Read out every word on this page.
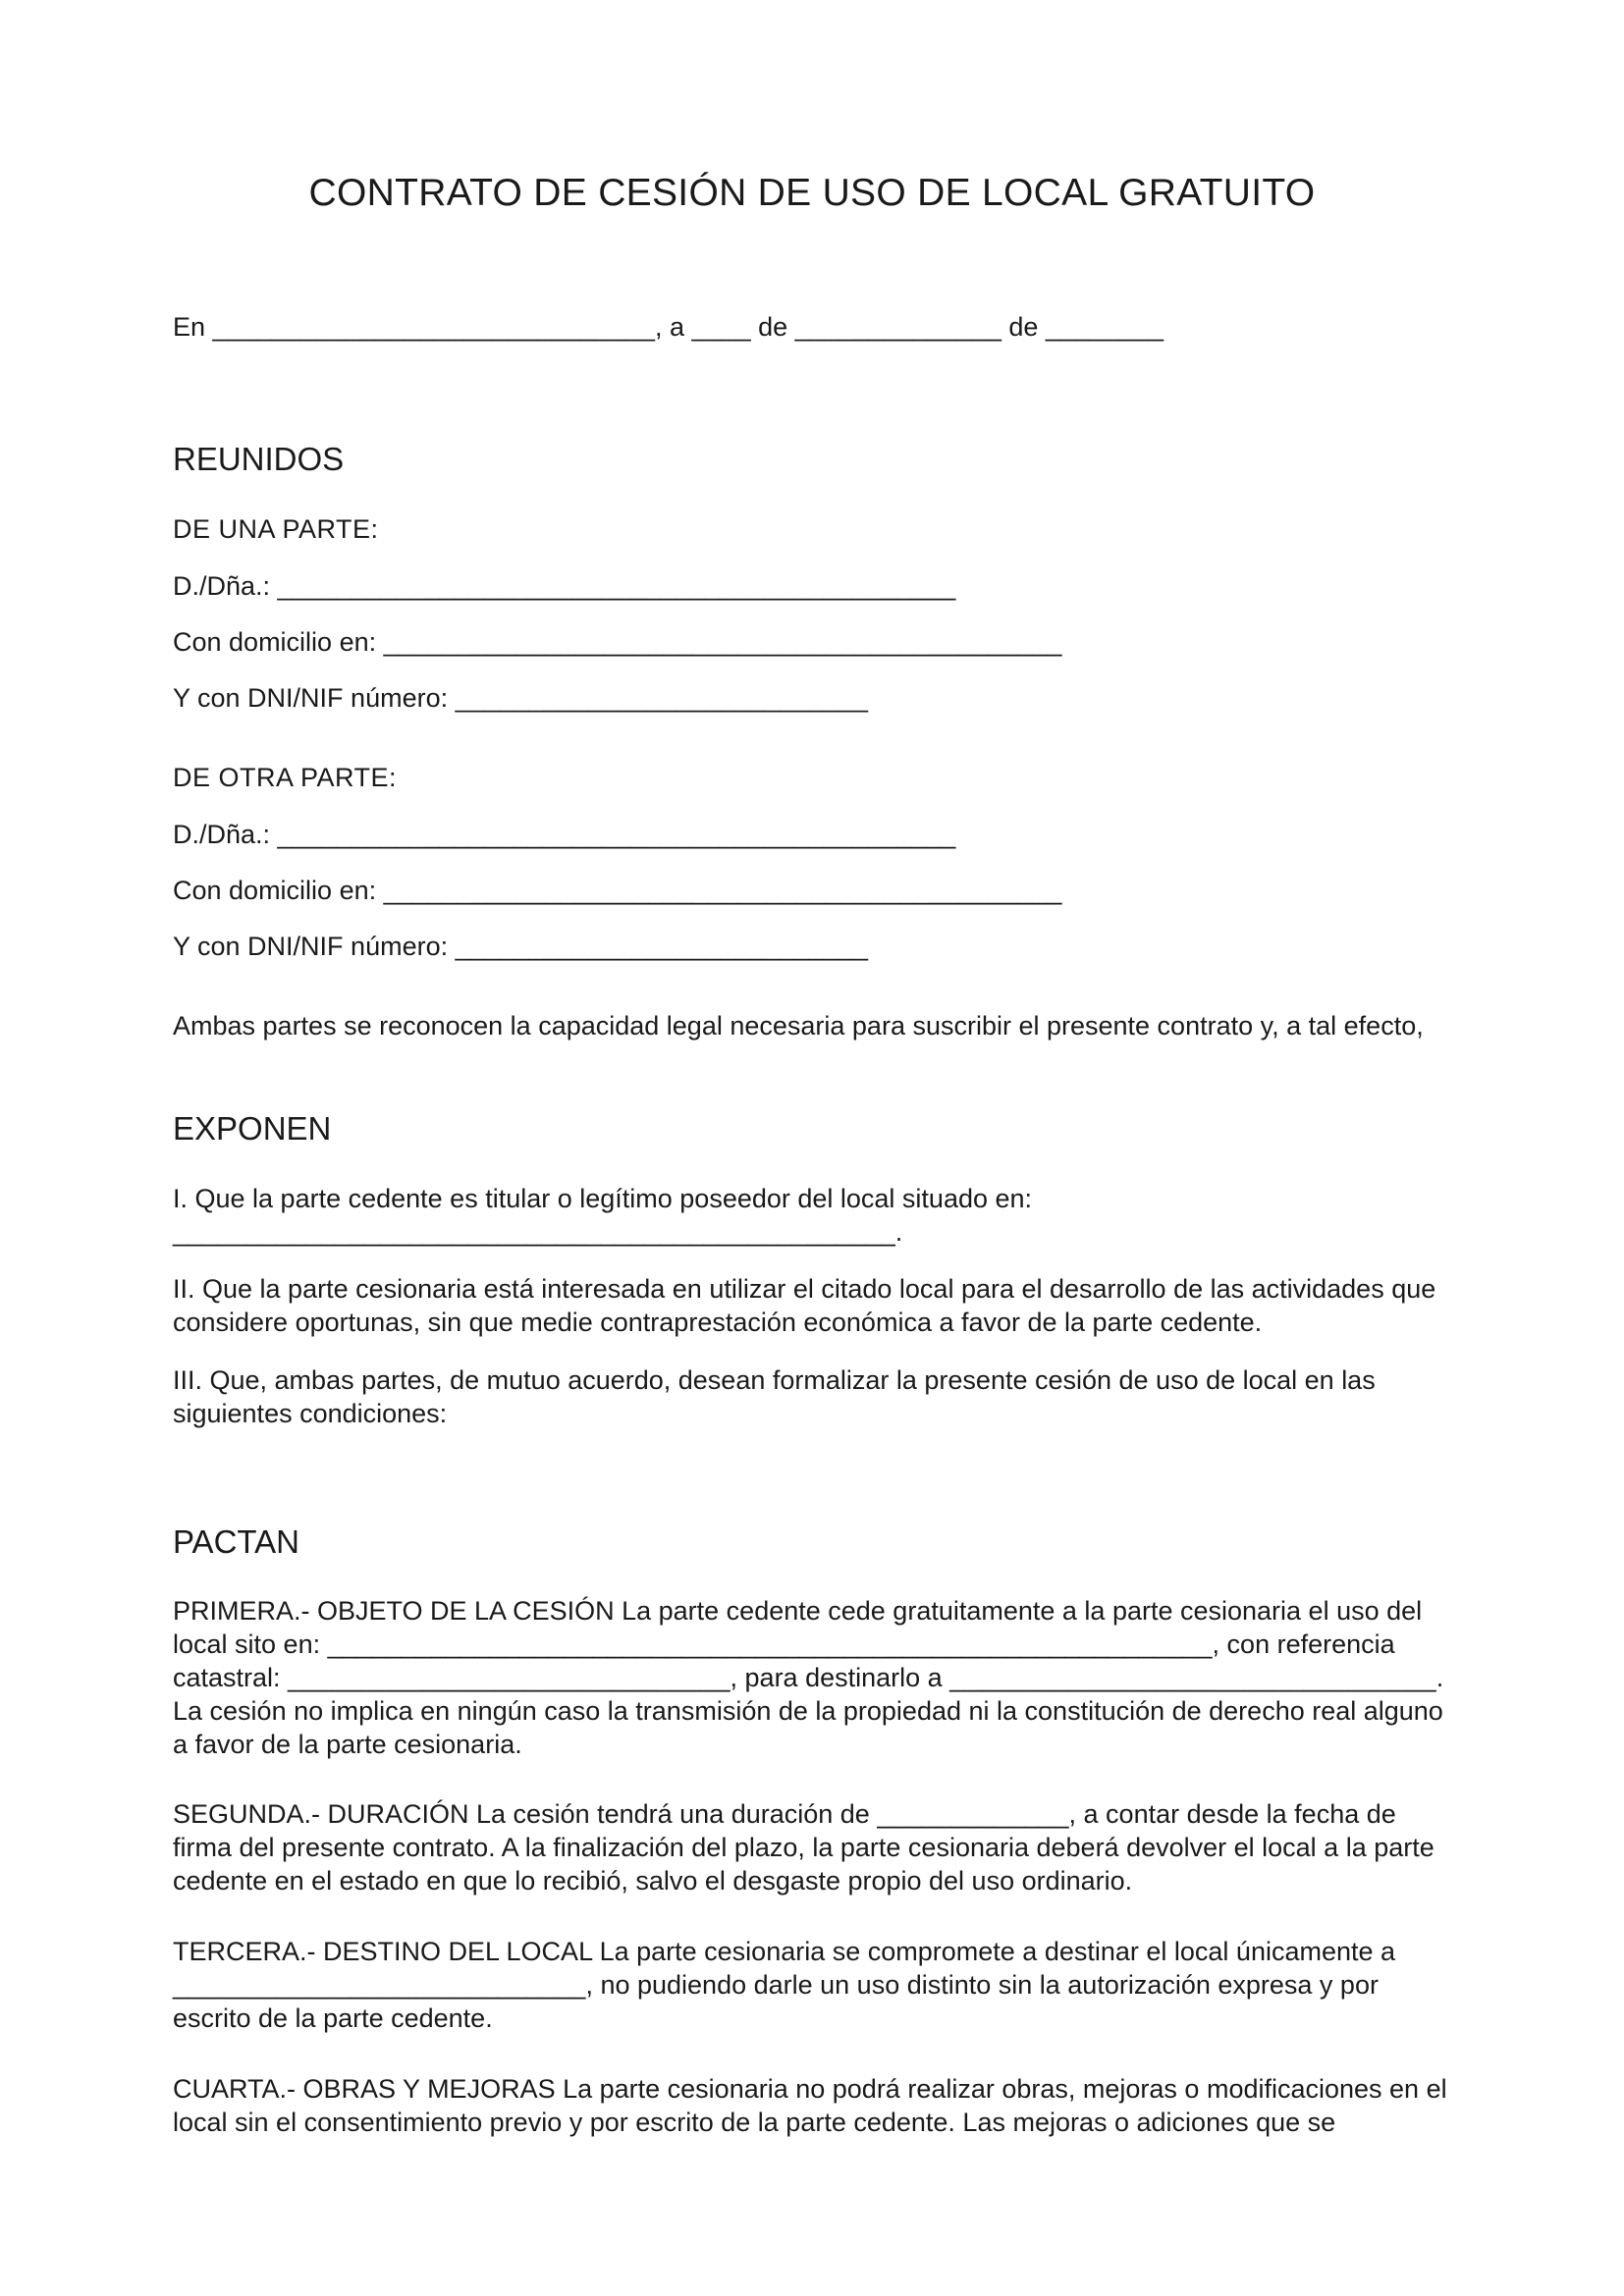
CONTRATO DE CESIÓN DE USO DE LOCAL GRATUITO

En ______________________________, a ____ de ______________ de ________

REUNIDOS

DE UNA PARTE:

D./Dña.: ______________________________________________

Con domicilio en: ______________________________________________

Y con DNI/NIF número: ____________________________

DE OTRA PARTE:

D./Dña.: ______________________________________________

Con domicilio en: ______________________________________________

Y con DNI/NIF número: ____________________________

Ambas partes se reconocen la capacidad legal necesaria para suscribir el presente contrato y, a tal efecto,

EXPONEN

I. Que la parte cedente es titular o legítimo poseedor del local situado en: _________________________________________________.

II. Que la parte cesionaria está interesada en utilizar el citado local para el desarrollo de las actividades que considere oportunas, sin que medie contraprestación económica a favor de la parte cedente.

III. Que, ambas partes, de mutuo acuerdo, desean formalizar la presente cesión de uso de local en las siguientes condiciones:

PACTAN

PRIMERA.- OBJETO DE LA CESIÓN La parte cedente cede gratuitamente a la parte cesionaria el uso del local sito en: ____________________________________________________________, con referencia catastral: ______________________________, para destinarlo a _________________________________. La cesión no implica en ningún caso la transmisión de la propiedad ni la constitución de derecho real alguno a favor de la parte cesionaria.

SEGUNDA.- DURACIÓN La cesión tendrá una duración de _____________, a contar desde la fecha de firma del presente contrato. A la finalización del plazo, la parte cesionaria deberá devolver el local a la parte cedente en el estado en que lo recibió, salvo el desgaste propio del uso ordinario.

TERCERA.- DESTINO DEL LOCAL La parte cesionaria se compromete a destinar el local únicamente a ____________________________, no pudiendo darle un uso distinto sin la autorización expresa y por escrito de la parte cedente.

CUARTA.- OBRAS Y MEJORAS La parte cesionaria no podrá realizar obras, mejoras o modificaciones en el local sin el consentimiento previo y por escrito de la parte cedente. Las mejoras o adiciones que se
